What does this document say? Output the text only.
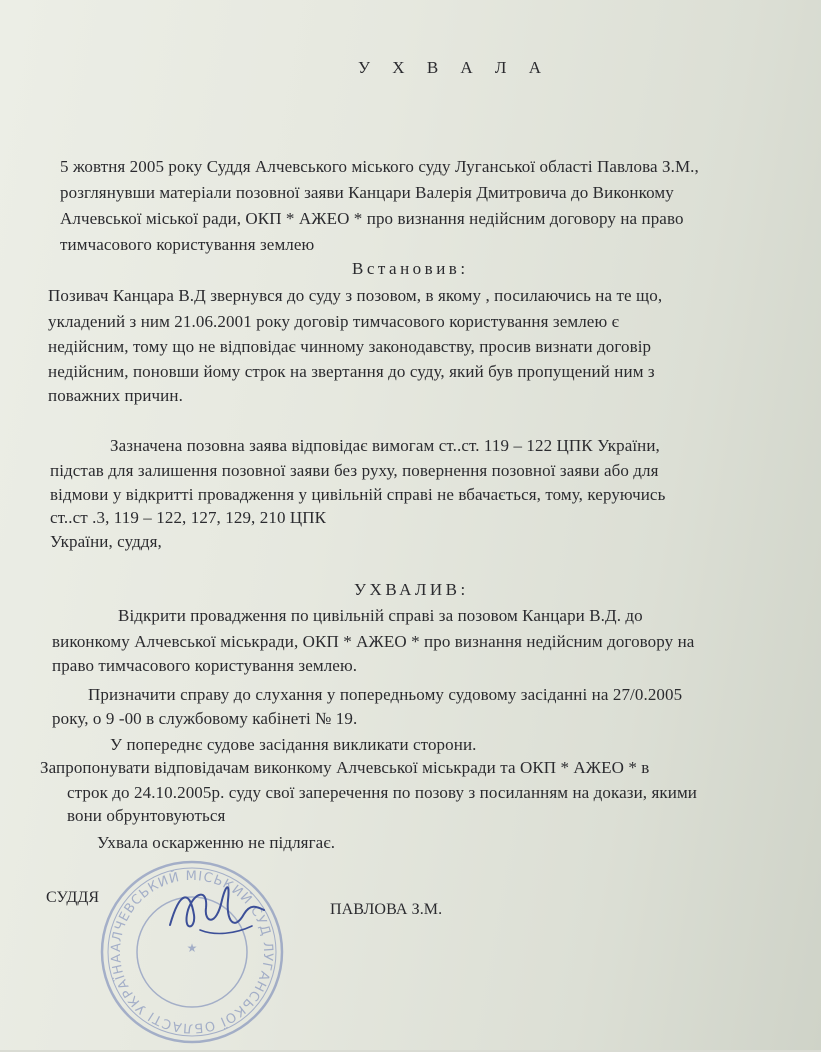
У Х В А Л А
5 жовтня 2005 року Суддя Алчевського міського суду Луганської області Павлова З.М.,
розглянувши матеріали позовної заяви Канцари Валерія Дмитровича до Виконкому
Алчевської міської ради, ОКП * АЖЕО * про визнання недійсним договору на право
тимчасового користування землею
Встановив:
Позивач Канцара В.Д звернувся до суду з позовом, в якому , посилаючись на те що,
укладений з ним 21.06.2001 року договір тимчасового користування землею є
недійсним, тому що не відповідає чинному законодавству, просив визнати договір
недійсним, поновши йому строк на звертання до суду, який був пропущений ним з
поважних причин.
Зазначена позовна заява відповідає вимогам ст..ст. 119 – 122 ЦПК України,
підстав для залишення позовної заяви без руху, повернення позовної заяви або для
відмови у відкритті провадження у цивільній справі не вбачається, тому, керуючись
ст..ст .3, 119 – 122, 127, 129, 210 ЦПК
України, суддя,
УХВАЛИВ:
Відкрити провадження по цивільній справі за позовом Канцари В.Д. до
виконкому Алчевської міськради, ОКП * АЖЕО * про визнання недійсним договору на
право тимчасового користування землею.
Призначити справу до слухання у попередньому судовому засіданні на 27/0.2005
року, о 9 -00 в службовому кабінеті № 19.
У попереднє судове засідання викликати сторони.
Запропонувати відповідачам виконкому Алчевської міськради та ОКП * АЖЕО * в
строк до 24.10.2005р. суду свої заперечення по позову з посиланням на докази, якими
вони обрунтовуються
Ухвала оскарженню не підлягає.
АЛЧЕВСЬКИЙ МІСЬКИЙ СУД ЛУГАНСЬКОЇ ОБЛАСТІ УКРАЇНА
★
СУДДЯ
ПАВЛОВА З.М.
